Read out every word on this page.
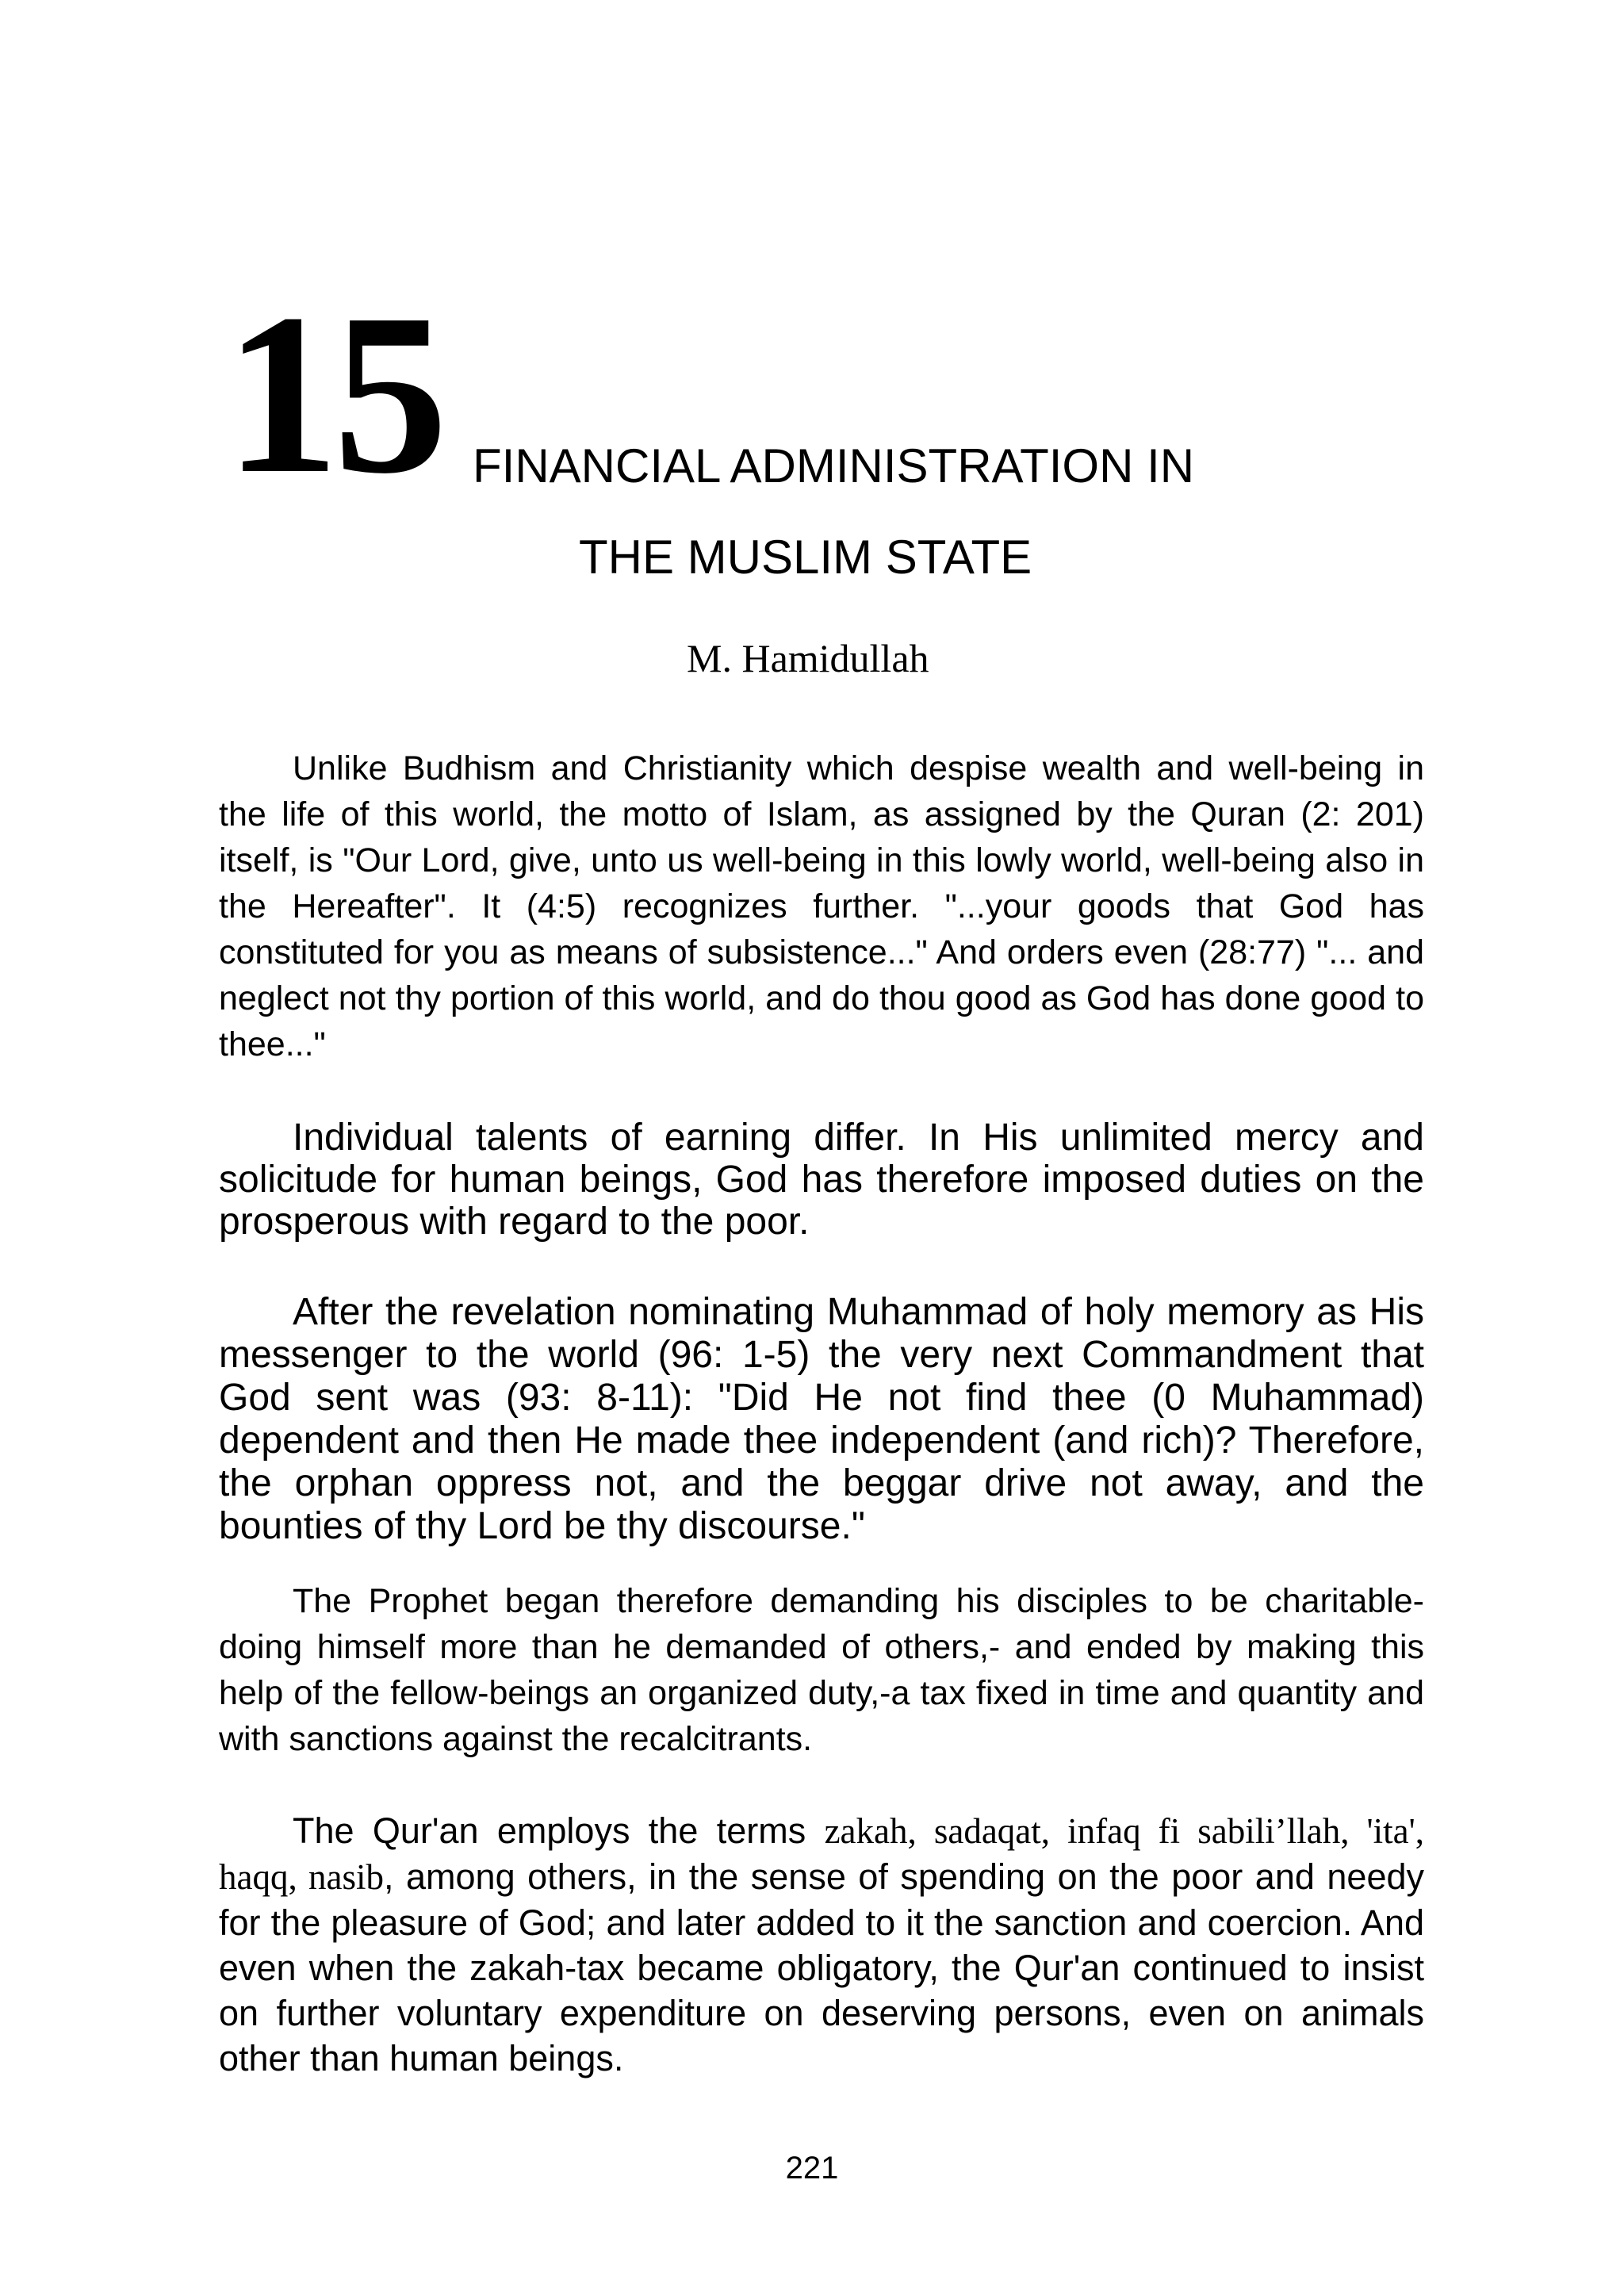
15 FINANCIAL ADMINISTRATION IN
THE MUSLIM STATE

M. Hamidullah

Unlike Budhism and Christianity which despise wealth and well-being in the life of this world, the motto of Islam, as assigned by the Quran (2: 201) itself, is "Our Lord, give, unto us well-being in this lowly world, well-being also in the Hereafter". It (4:5) recognizes further. "...your goods that God has constituted for you as means of subsistence..." And orders even (28:77) "... and neglect not thy portion of this world, and do thou good as God has done good to thee..."

Individual talents of earning differ. In His unlimited mercy and solicitude for human beings, God has therefore imposed duties on the prosperous with regard to the poor.

After the revelation nominating Muhammad of holy memory as His messenger to the world (96: 1-5) the very next Commandment that God sent was (93: 8-11): "Did He not find thee (0 Muhammad) dependent and then He made thee independent (and rich)? Therefore, the orphan oppress not, and the beggar drive not away, and the bounties of thy Lord be thy discourse."

The Prophet began therefore demanding his disciples to be charitable-doing himself more than he demanded of others,- and ended by making this help of the fellow-beings an organized duty,-a tax fixed in time and quantity and with sanctions against the recalcitrants.

The Qur'an employs the terms zakah, sadaqat, infaq fi sabili’llah, 'ita', haqq, nasib, among others, in the sense of spending on the poor and needy for the pleasure of God; and later added to it the sanction and coercion. And even when the zakah-tax became obligatory, the Qur'an continued to insist on further voluntary expenditure on deserving persons, even on animals other than human beings.

221
